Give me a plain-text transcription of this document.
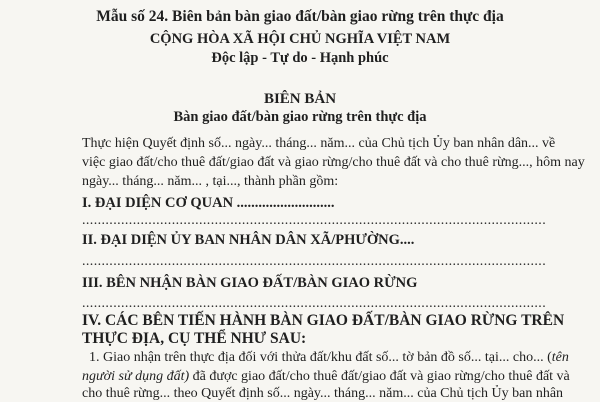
Mẫu số 24. Biên bản bàn giao đất/bàn giao rừng trên thực địa
CỘNG HÒA XÃ HỘI CHỦ NGHĨA VIỆT NAM
Độc lập - Tự do - Hạnh phúc
BIÊN BẢN
Bàn giao đất/bàn giao rừng trên thực địa
Thực hiện Quyết định số... ngày... tháng... năm... của Chủ tịch Ủy ban nhân dân... về
việc giao đất/cho thuê đất/giao đất và giao rừng/cho thuê đất và cho thuê rừng..., hôm nay
ngày... tháng... năm... , tại..., thành phần gồm:
I. ĐẠI DIỆN CƠ QUAN ...........................
.......................................................................................................................
II. ĐẠI DIỆN ỦY BAN NHÂN DÂN XÃ/PHƯỜNG....
.......................................................................................................................
III. BÊN NHẬN BÀN GIAO ĐẤT/BÀN GIAO RỪNG
.......................................................................................................................
IV. CÁC BÊN TIẾN HÀNH BÀN GIAO ĐẤT/BÀN GIAO RỪNG TRÊN
THỰC ĐỊA, CỤ THỂ NHƯ SAU:
1. Giao nhận trên thực địa đối với thửa đất/khu đất số... tờ bản đồ số... tại... cho... (tên
người sử dụng đất) đã được giao đất/cho thuê đất/giao đất và giao rừng/cho thuê đất và
cho thuê rừng... theo Quyết định số... ngày... tháng... năm... của Chủ tịch Ủy ban nhân
